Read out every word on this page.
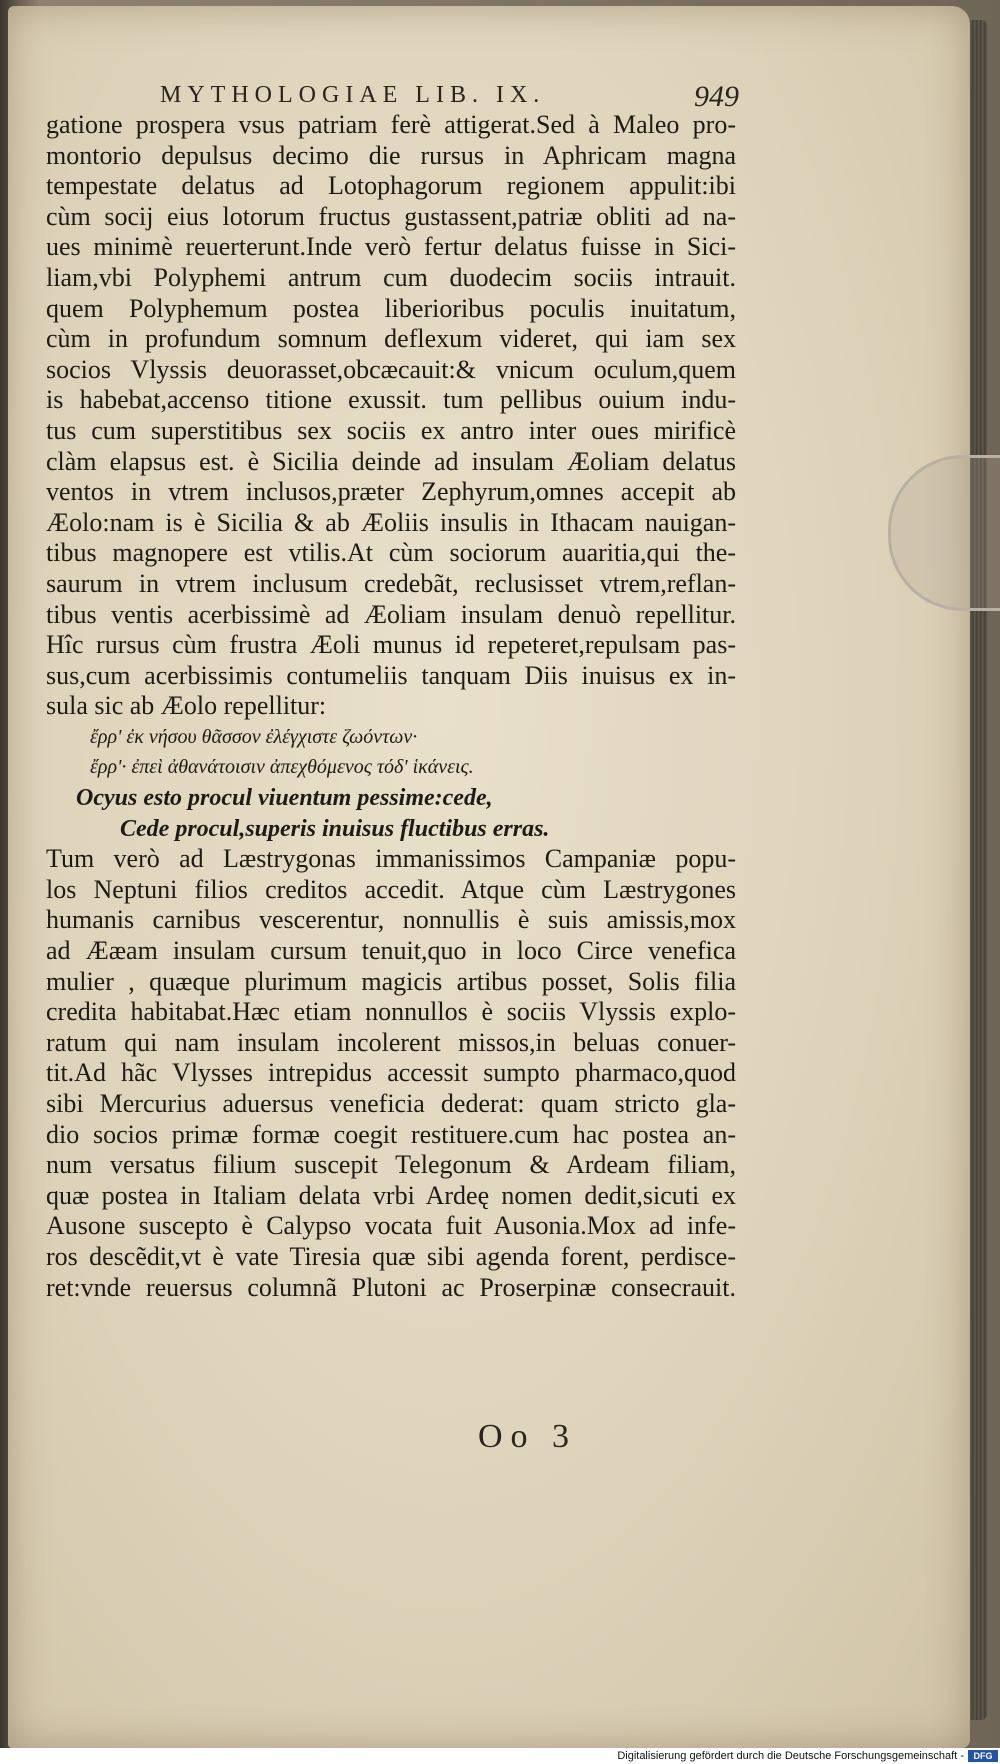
MYTHOLOGIAE LIB. IX.	949
gatione prospera vsus patriam ferè attigerat.Sed à Maleo pro-
montorio depulsus decimo die rursus in Aphricam magna
tempestate delatus ad Lotophagorum regionem appulit:ibi
cùm socij eius lotorum fructus gustassent,patriæ obliti ad na-
ues minimè reuerterunt.Inde verò fertur delatus fuisse in Sici-
liam,vbi Polyphemi antrum cum duodecim sociis intrauit.
quem Polyphemum postea liberioribus poculis inuitatum,
cùm in profundum somnum deflexum videret, qui iam sex
socios Vlyssis deuorasset,obcæcauit:& vnicum oculum,quem
is habebat,accenso titione exussit. tum pellibus ouium indu-
tus cum superstitibus sex sociis ex antro inter oues mirificè
clàm elapsus est. è Sicilia deinde ad insulam Æoliam delatus
ventos in vtrem inclusos,præter Zephyrum,omnes accepit ab
Æolo:nam is è Sicilia & ab Æoliis insulis in Ithacam nauigan-
tibus magnopere est vtilis.At cùm sociorum auaritia,qui the-
saurum in vtrem inclusum credebãt, reclusisset vtrem,reflan-
tibus ventis acerbissimè ad Æoliam insulam denuò repellitur.
Hîc rursus cùm frustra Æoli munus id repeteret,repulsam pas-
sus,cum acerbissimis contumeliis tanquam Diis inuisus ex in-
sula sic ab Æolo repellitur:
ἔρρ' ἐκ νήσου θᾶσσον ἐλέγχιστε ζωόντων·
ἔρρ'· ἐπεὶ ἀθανάτοισιν ἀπεχθόμενος τόδ' ἱκάνεις.
Ocyus esto procul viuentum pessime:cede,
Cede procul,superis inuisus fluctibus erras.
Tum verò ad Læstrygonas immanissimos Campaniæ popu-
los Neptuni filios creditos accedit. Atque cùm Læstrygones
humanis carnibus vescerentur, nonnullis è suis amissis,mox
ad Ææam insulam cursum tenuit,quo in loco Circe venefica
mulier , quæque plurimum magicis artibus posset, Solis filia
credita habitabat.Hæc etiam nonnullos è sociis Vlyssis explo-
ratum qui nam insulam incolerent missos,in beluas conuer-
tit.Ad hãc Vlysses intrepidus accessit sumpto pharmaco,quod
sibi Mercurius aduersus veneficia dederat: quam stricto gla-
dio socios primæ formæ coegit restituere.cum hac postea an-
num versatus filium suscepit Telegonum & Ardeam filiam,
quæ postea in Italiam delata vrbi Ardeę nomen dedit,sicuti ex
Ausone suscepto è Calypso vocata fuit Ausonia.Mox ad infe-
ros descẽdit,vt è vate Tiresia quæ sibi agenda forent, perdisce-
ret:vnde reuersus columnã Plutoni ac Proserpinæ consecrauit.
Oo 3
Digitalisierung gefördert durch die Deutsche Forschungsgemeinschaft -	DFG
